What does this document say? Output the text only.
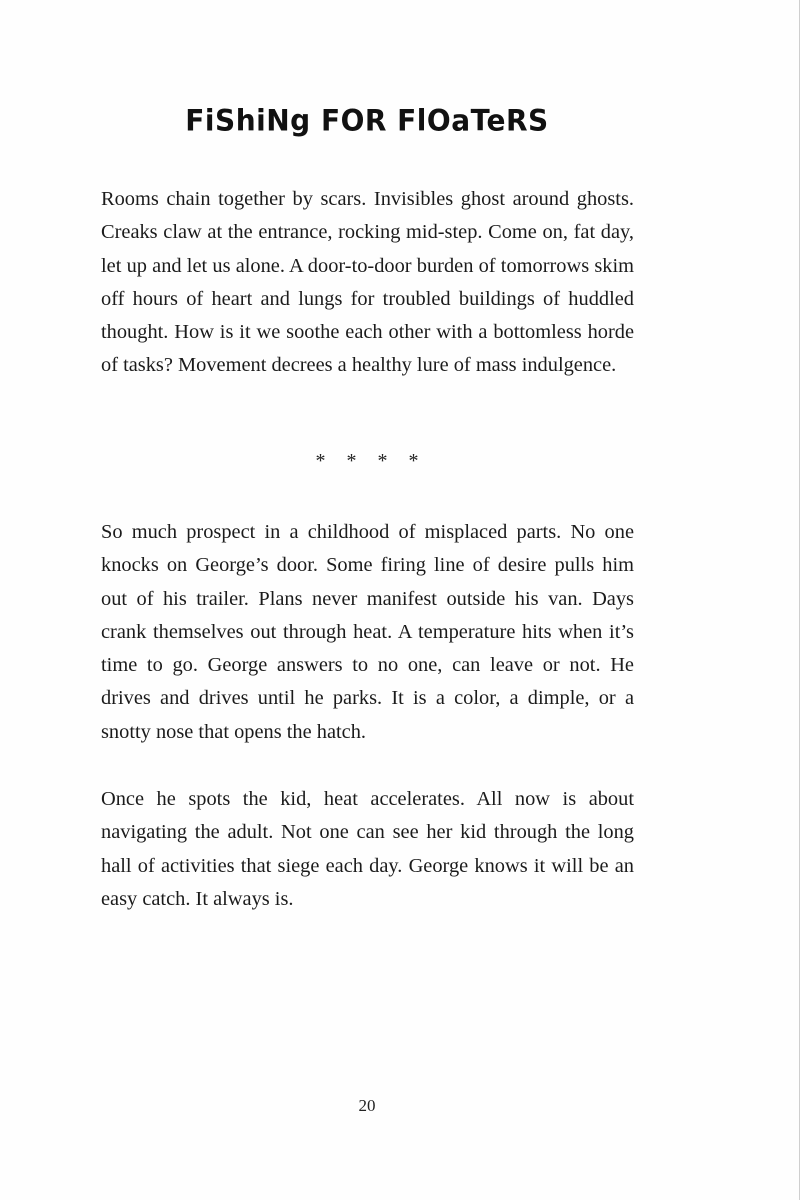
FiShiNg FOR FlOaTeRS

Rooms chain together by scars. Invisibles ghost around ghosts. Creaks claw at the entrance, rocking mid-step. Come on, fat day, let up and let us alone. A door-to-door burden of tomorrows skim off hours of heart and lungs for troubled buildings of huddled thought. How is it we soothe each other with a bottomless horde of tasks? Movement decrees a healthy lure of mass indulgence.

* * * *

So much prospect in a childhood of misplaced parts. No one knocks on George’s door. Some firing line of desire pulls him out of his trailer. Plans never manifest outside his van. Days crank themselves out through heat. A temperature hits when it’s time to go. George answers to no one, can leave or not. He drives and drives until he parks. It is a color, a dimple, or a snotty nose that opens the hatch.

Once he spots the kid, heat accelerates. All now is about navigating the adult. Not one can see her kid through the long hall of activities that siege each day. George knows it will be an easy catch. It always is.

20
